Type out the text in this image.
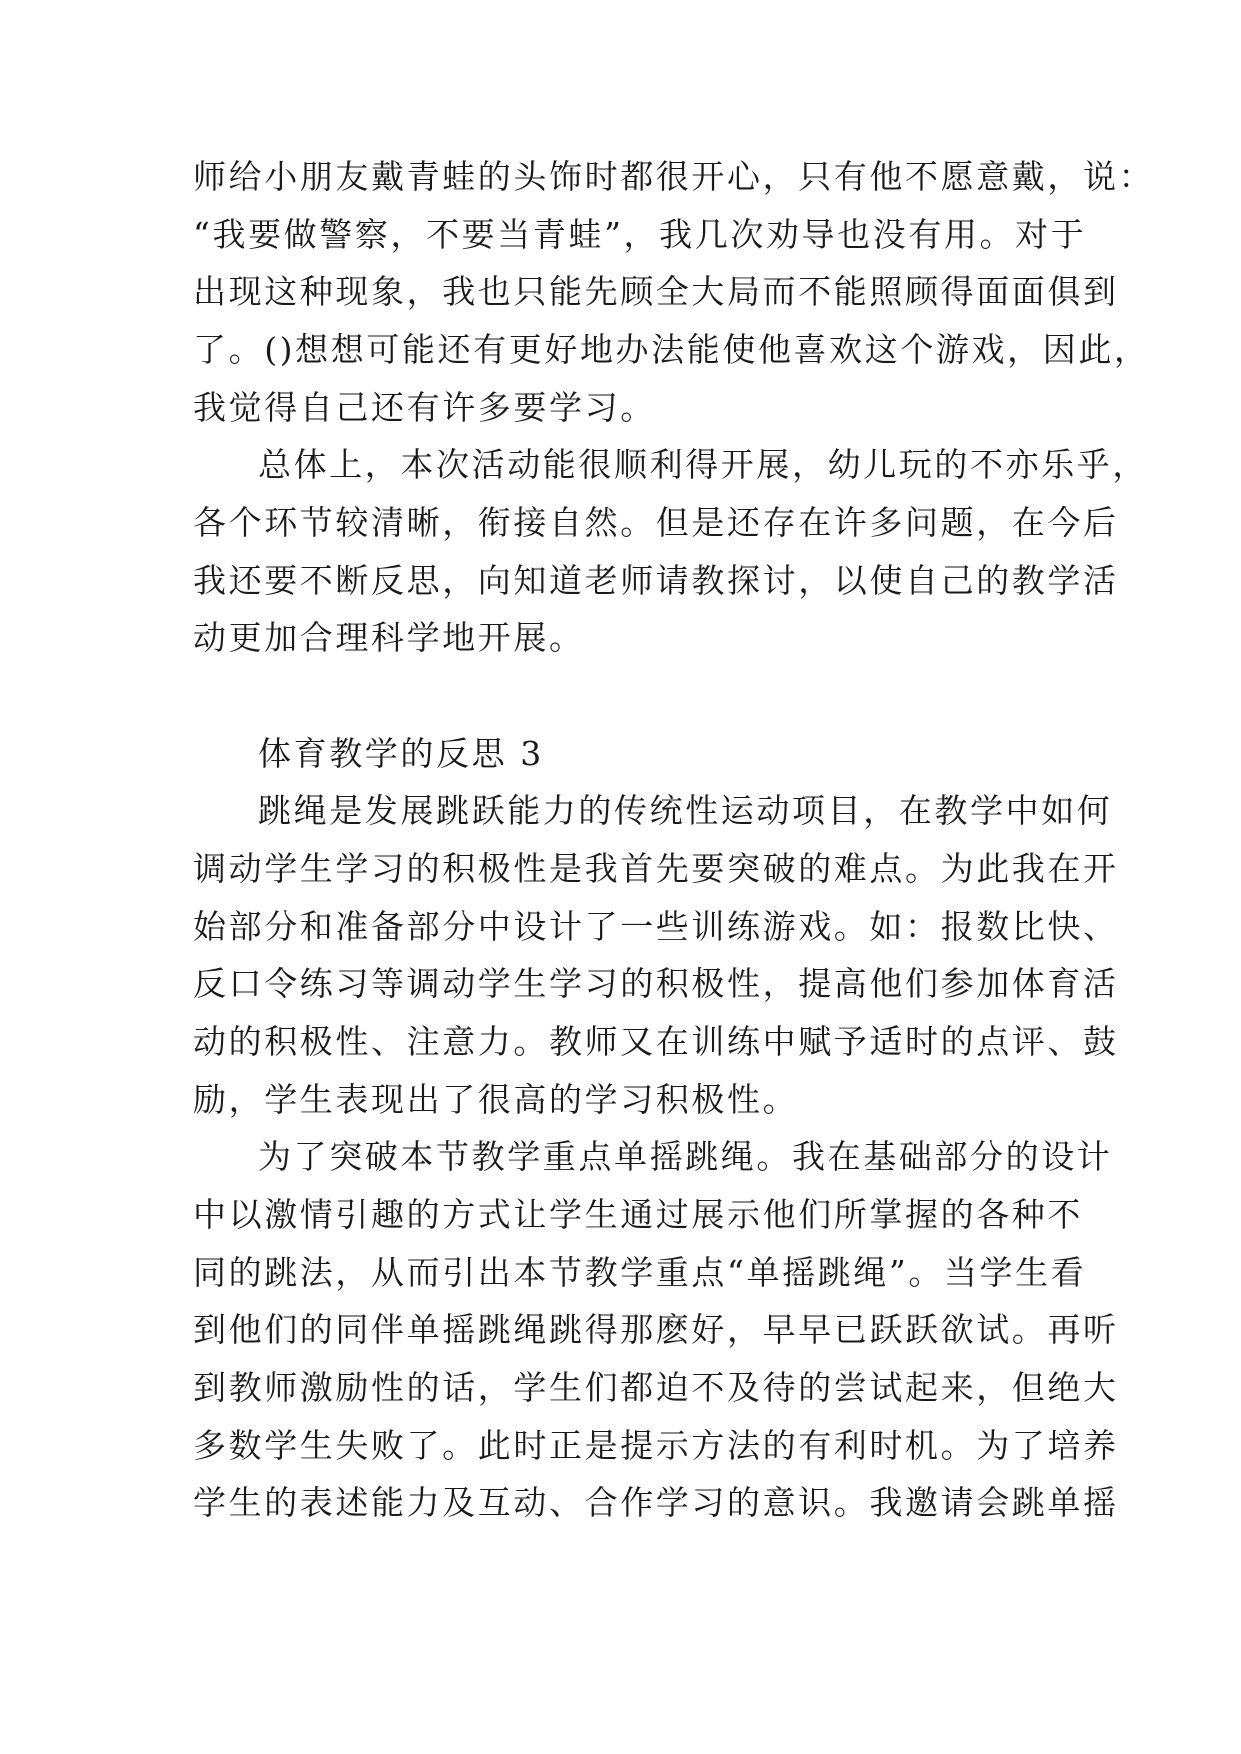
师给小朋友戴青蛙的头饰时都很开心，只有他不愿意戴，说：
“我要做警察，不要当青蛙”，我几次劝导也没有用。对于
出现这种现象，我也只能先顾全大局而不能照顾得面面俱到
了。()想想可能还有更好地办法能使他喜欢这个游戏，因此，
我觉得自己还有许多要学习。
总体上，本次活动能很顺利得开展，幼儿玩的不亦乐乎，
各个环节较清晰，衔接自然。但是还存在许多问题，在今后
我还要不断反思，向知道老师请教探讨，以使自己的教学活
动更加合理科学地开展。
体育教学的反思 3
跳绳是发展跳跃能力的传统性运动项目，在教学中如何
调动学生学习的积极性是我首先要突破的难点。为此我在开
始部分和准备部分中设计了一些训练游戏。如：报数比快、
反口令练习等调动学生学习的积极性，提高他们参加体育活
动的积极性、注意力。教师又在训练中赋予适时的点评、鼓
励，学生表现出了很高的学习积极性。
为了突破本节教学重点单摇跳绳。我在基础部分的设计
中以激情引趣的方式让学生通过展示他们所掌握的各种不
同的跳法，从而引出本节教学重点“单摇跳绳”。当学生看
到他们的同伴单摇跳绳跳得那麽好，早早已跃跃欲试。再听
到教师激励性的话，学生们都迫不及待的尝试起来，但绝大
多数学生失败了。此时正是提示方法的有利时机。为了培养
学生的表述能力及互动、合作学习的意识。我邀请会跳单摇
